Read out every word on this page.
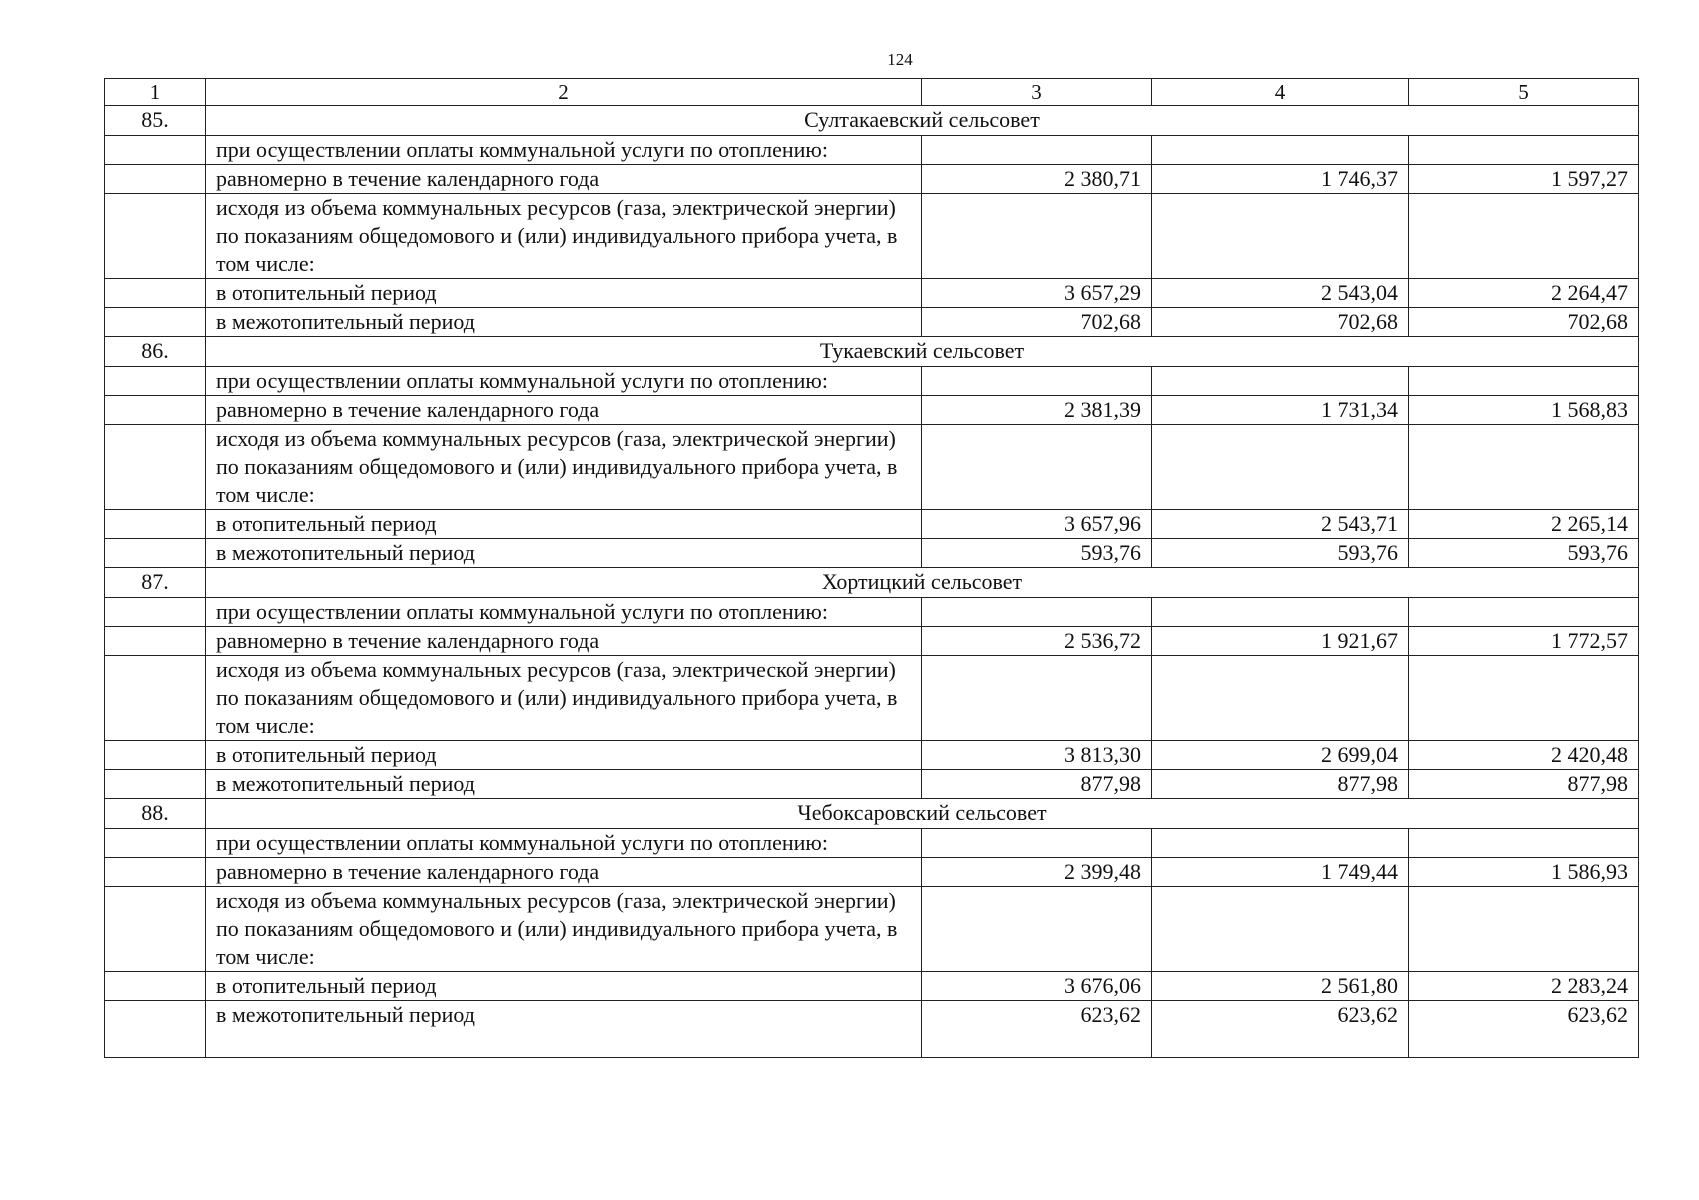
124
1	2	3	4	5
85.	Султакаевский сельсовет			
	при осуществлении оплаты коммунальной услуги по отоплению:			
	равномерно в течение календарного года	2 380,71	1 746,37	1 597,27
	исходя из объема коммунальных ресурсов (газа, электрической энергии) по показаниям общедомового и (или) индивидуального прибора учета, в том числе:			
	в отопительный период	3 657,29	2 543,04	2 264,47
	в межотопительный период	702,68	702,68	702,68
86.	Тукаевский сельсовет			
	при осуществлении оплаты коммунальной услуги по отоплению:			
	равномерно в течение календарного года	2 381,39	1 731,34	1 568,83
	исходя из объема коммунальных ресурсов (газа, электрической энергии) по показаниям общедомового и (или) индивидуального прибора учета, в том числе:			
	в отопительный период	3 657,96	2 543,71	2 265,14
	в межотопительный период	593,76	593,76	593,76
87.	Хортицкий сельсовет			
	при осуществлении оплаты коммунальной услуги по отоплению:			
	равномерно в течение календарного года	2 536,72	1 921,67	1 772,57
	исходя из объема коммунальных ресурсов (газа, электрической энергии) по показаниям общедомового и (или) индивидуального прибора учета, в том числе:			
	в отопительный период	3 813,30	2 699,04	2 420,48
	в межотопительный период	877,98	877,98	877,98
88.	Чебоксаровский сельсовет			
	при осуществлении оплаты коммунальной услуги по отоплению:			
	равномерно в течение календарного года	2 399,48	1 749,44	1 586,93
	исходя из объема коммунальных ресурсов (газа, электрической энергии) по показаниям общедомового и (или) индивидуального прибора учета, в том числе:			
	в отопительный период	3 676,06	2 561,80	2 283,24
	в межотопительный период	623,62	623,62	623,62
